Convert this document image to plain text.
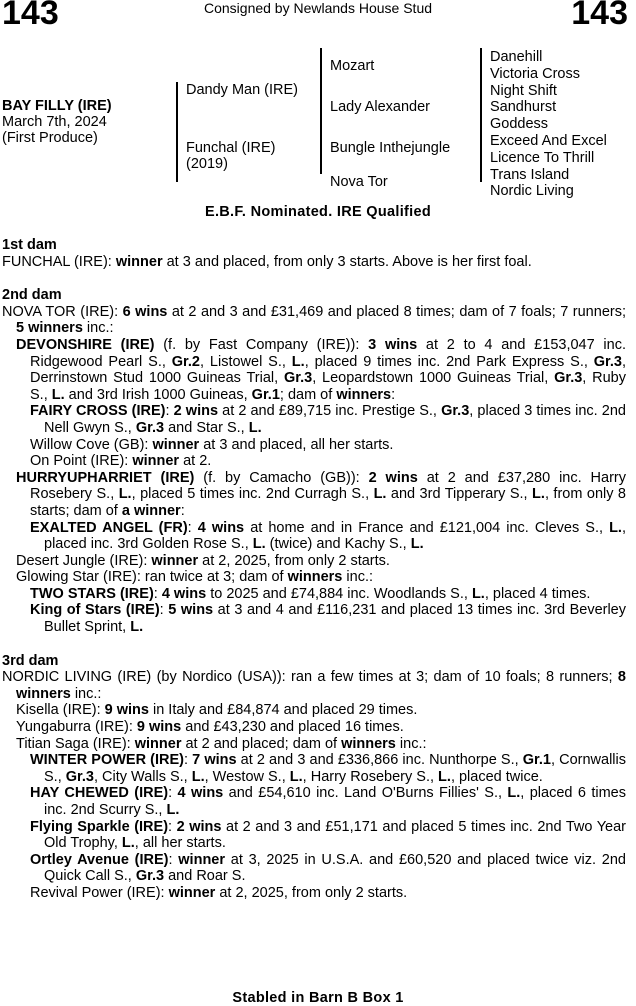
143	Consigned by Newlands House Stud	143
BAY FILLY (IRE)
March 7th, 2024
(First Produce)
Dandy Man (IRE)
Funchal (IRE)
(2019)
Mozart
Lady Alexander
Bungle Inthejungle
Nova Tor
Danehill
Victoria Cross
Night Shift
Sandhurst
Goddess
Exceed And Excel
Licence To Thrill
Trans Island
Nordic Living
E.B.F. Nominated. IRE Qualified
1st dam
FUNCHAL (IRE): winner at 3 and placed, from only 3 starts. Above is her first foal.
2nd dam
NOVA TOR (IRE): 6 wins at 2 and 3 and £31,469 and placed 8 times; dam of 7 foals; 7 runners; 5 winners inc.:
DEVONSHIRE (IRE) (f. by Fast Company (IRE)): 3 wins at 2 to 4 and £153,047 inc. Ridgewood Pearl S., Gr.2, Listowel S., L., placed 9 times inc. 2nd Park Express S., Gr.3, Derrinstown Stud 1000 Guineas Trial, Gr.3, Leopardstown 1000 Guineas Trial, Gr.3, Ruby S., L. and 3rd Irish 1000 Guineas, Gr.1; dam of winners:
FAIRY CROSS (IRE): 2 wins at 2 and £89,715 inc. Prestige S., Gr.3, placed 3 times inc. 2nd Nell Gwyn S., Gr.3 and Star S., L.
Willow Cove (GB): winner at 3 and placed, all her starts.
On Point (IRE): winner at 2.
HURRYUPHARRIET (IRE) (f. by Camacho (GB)): 2 wins at 2 and £37,280 inc. Harry Rosebery S., L., placed 5 times inc. 2nd Curragh S., L. and 3rd Tipperary S., L., from only 8 starts; dam of a winner:
EXALTED ANGEL (FR): 4 wins at home and in France and £121,004 inc. Cleves S., L., placed inc. 3rd Golden Rose S., L. (twice) and Kachy S., L.
Desert Jungle (IRE): winner at 2, 2025, from only 2 starts.
Glowing Star (IRE): ran twice at 3; dam of winners inc.:
TWO STARS (IRE): 4 wins to 2025 and £74,884 inc. Woodlands S., L., placed 4 times.
King of Stars (IRE): 5 wins at 3 and 4 and £116,231 and placed 13 times inc. 3rd Beverley Bullet Sprint, L.
3rd dam
NORDIC LIVING (IRE) (by Nordico (USA)): ran a few times at 3; dam of 10 foals; 8 runners; 8 winners inc.:
Kisella (IRE): 9 wins in Italy and £84,874 and placed 29 times.
Yungaburra (IRE): 9 wins and £43,230 and placed 16 times.
Titian Saga (IRE): winner at 2 and placed; dam of winners inc.:
WINTER POWER (IRE): 7 wins at 2 and 3 and £336,866 inc. Nunthorpe S., Gr.1, Cornwallis S., Gr.3, City Walls S., L., Westow S., L., Harry Rosebery S., L., placed twice.
HAY CHEWED (IRE): 4 wins and £54,610 inc. Land O'Burns Fillies' S., L., placed 6 times inc. 2nd Scurry S., L.
Flying Sparkle (IRE): 2 wins at 2 and 3 and £51,171 and placed 5 times inc. 2nd Two Year Old Trophy, L., all her starts.
Ortley Avenue (IRE): winner at 3, 2025 in U.S.A. and £60,520 and placed twice viz. 2nd Quick Call S., Gr.3 and Roar S.
Revival Power (IRE): winner at 2, 2025, from only 2 starts.
Stabled in Barn B Box 1
